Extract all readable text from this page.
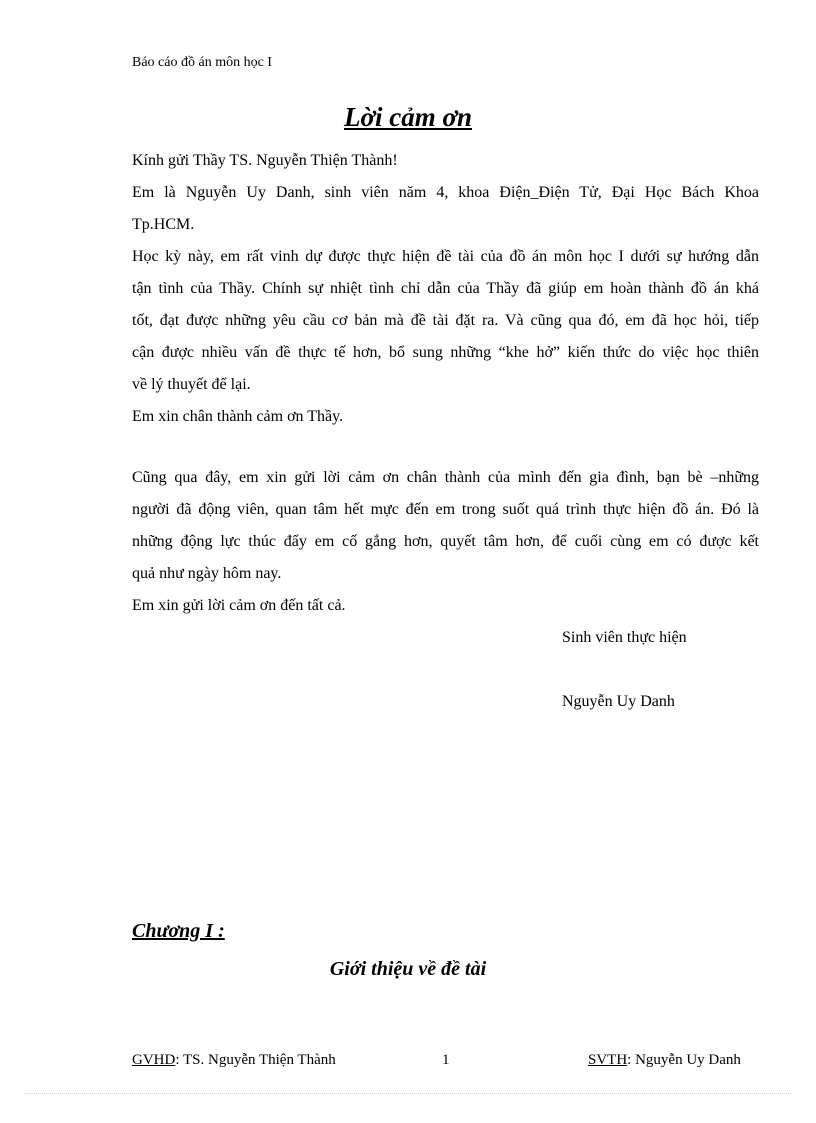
Báo cáo đồ án môn học I
Lời cảm ơn
Kính gửi Thầy TS. Nguyễn Thiện Thành!
Em là Nguyễn Uy Danh, sinh viên năm 4, khoa Điện_Điện Tử, Đại Học Bách Khoa
Tp.HCM.
Học kỳ này, em rất vinh dự được thực hiện đề tài của đồ án môn học I dưới sự hướng dẫn
tận tình của Thầy. Chính sự nhiệt tình chỉ dẫn của Thầy đã giúp em hoàn thành đồ án khá
tốt, đạt được những yêu cầu cơ bản mà đề tài đặt ra. Và cũng qua đó, em đã học hỏi, tiếp
cận được nhiều vấn đề thực tế hơn, bổ sung những “khe hở” kiến thức do việc học thiên
về lý thuyết để lại.
Em xin chân thành cảm ơn Thầy.
Cũng qua đây, em xin gửi lời cảm ơn chân thành của mình đến gia đình, bạn bè –những
người đã động viên, quan tâm hết mực đến em trong suốt quá trình thực hiện đồ án. Đó là
những động lực thúc đẩy em cố gắng hơn, quyết tâm hơn, để cuối cùng em có được kết
quả như ngày hôm nay.
Em xin gửi lời cảm ơn đến tất cả.
Sinh viên thực hiện
Nguyễn Uy Danh
Chương I :
Giới thiệu về đề tài
GVHD: TS. Nguyễn Thiện Thành	1	SVTH: Nguyễn Uy Danh
